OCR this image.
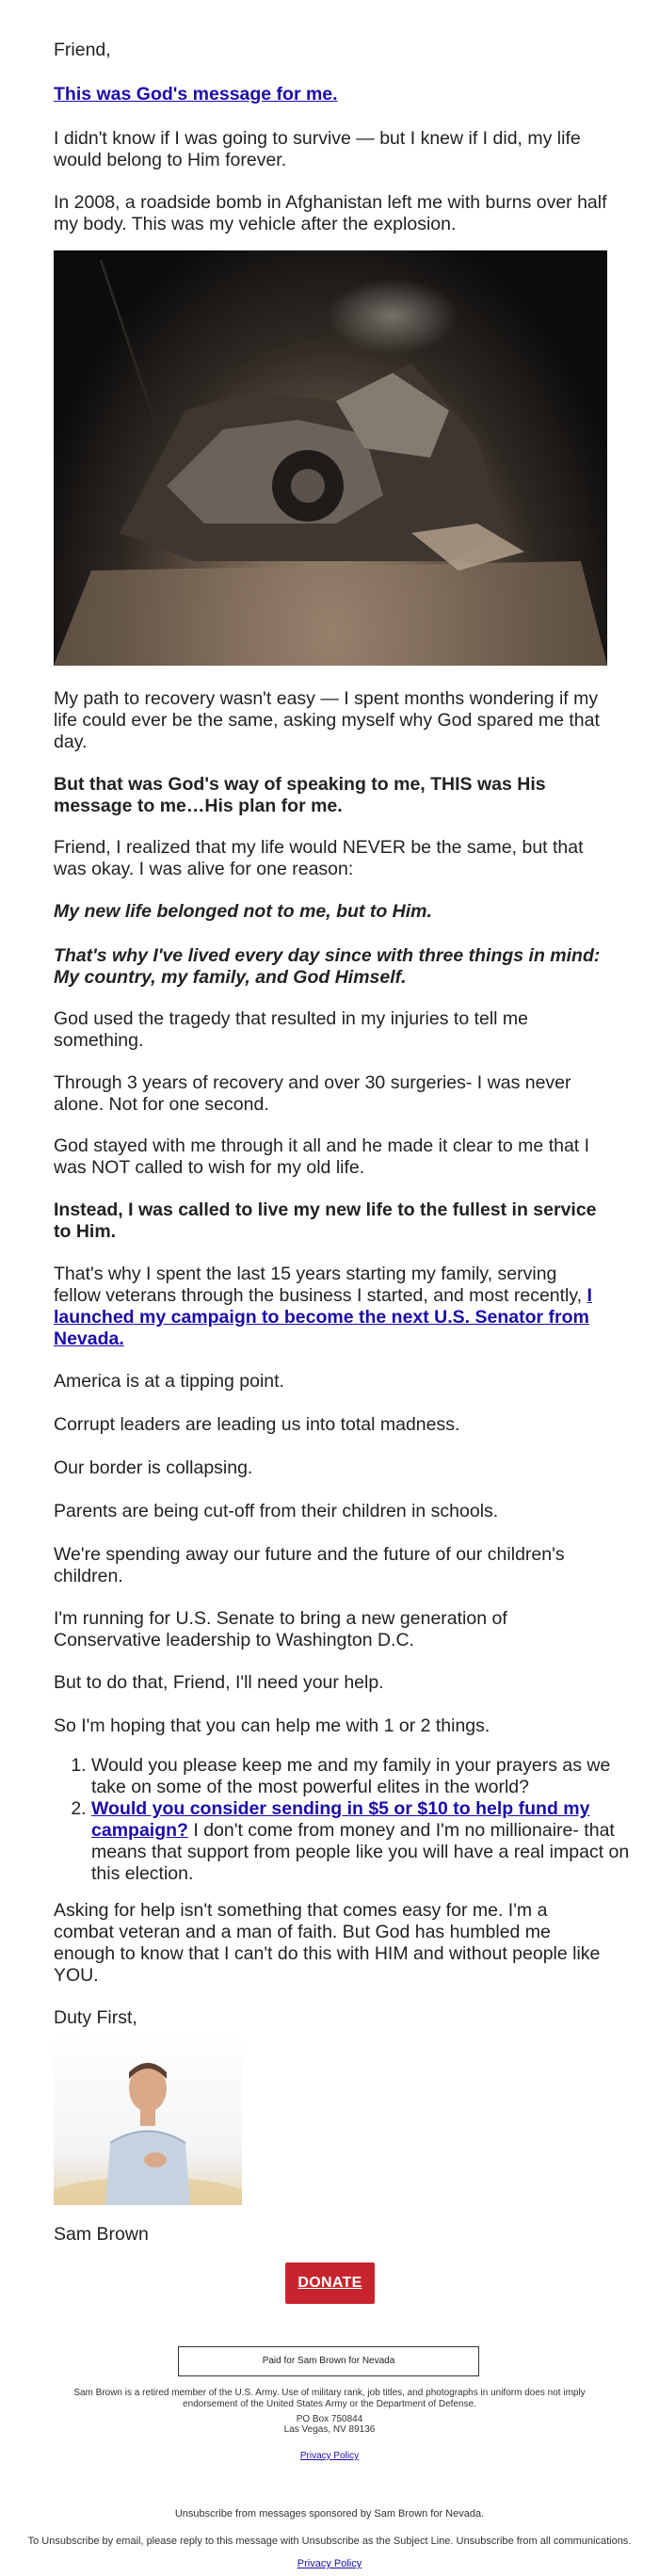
Friend,

This was God's message for me.

I didn't know if I was going to survive — but I knew if I did, my life would belong to Him forever.

In 2008, a roadside bomb in Afghanistan left me with burns over half my body. This was my vehicle after the explosion.

My path to recovery wasn't easy — I spent months wondering if my life could ever be the same, asking myself why God spared me that day.

But that was God's way of speaking to me, THIS was His message to me…His plan for me.

Friend, I realized that my life would NEVER be the same, but that was okay. I was alive for one reason:

My new life belonged not to me, but to Him.

That's why I've lived every day since with three things in mind: My country, my family, and God Himself.

God used the tragedy that resulted in my injuries to tell me something.

Through 3 years of recovery and over 30 surgeries- I was never alone. Not for one second.

God stayed with me through it all and he made it clear to me that I was NOT called to wish for my old life.

Instead, I was called to live my new life to the fullest in service to Him.

That's why I spent the last 15 years starting my family, serving fellow veterans through the business I started, and most recently, I launched my campaign to become the next U.S. Senator from Nevada.

America is at a tipping point.

Corrupt leaders are leading us into total madness.

Our border is collapsing.

Parents are being cut-off from their children in schools.

We're spending away our future and the future of our children's children.

I'm running for U.S. Senate to bring a new generation of Conservative leadership to Washington D.C.

But to do that, Friend, I'll need your help.

So I'm hoping that you can help me with 1 or 2 things.

1. Would you please keep me and my family in your prayers as we take on some of the most powerful elites in the world?
2. Would you consider sending in $5 or $10 to help fund my campaign? I don't come from money and I'm no millionaire- that means that support from people like you will have a real impact on this election.

Asking for help isn't something that comes easy for me. I'm a combat veteran and a man of faith. But God has humbled me enough to know that I can't do this with HIM and without people like YOU.

Duty First,

Sam Brown

DONATE
Paid for Sam Brown for Nevada
Sam Brown is a retired member of the U.S. Army. Use of military rank, job titles, and photographs in uniform does not imply endorsement of the United States Army or the Department of Defense.
PO Box 750844
Las Vegas, NV 89136
Privacy Policy
Unsubscribe from messages sponsored by Sam Brown for Nevada.
To Unsubscribe by email, please reply to this message with Unsubscribe as the Subject Line. Unsubscribe from all communications.
Privacy Policy
